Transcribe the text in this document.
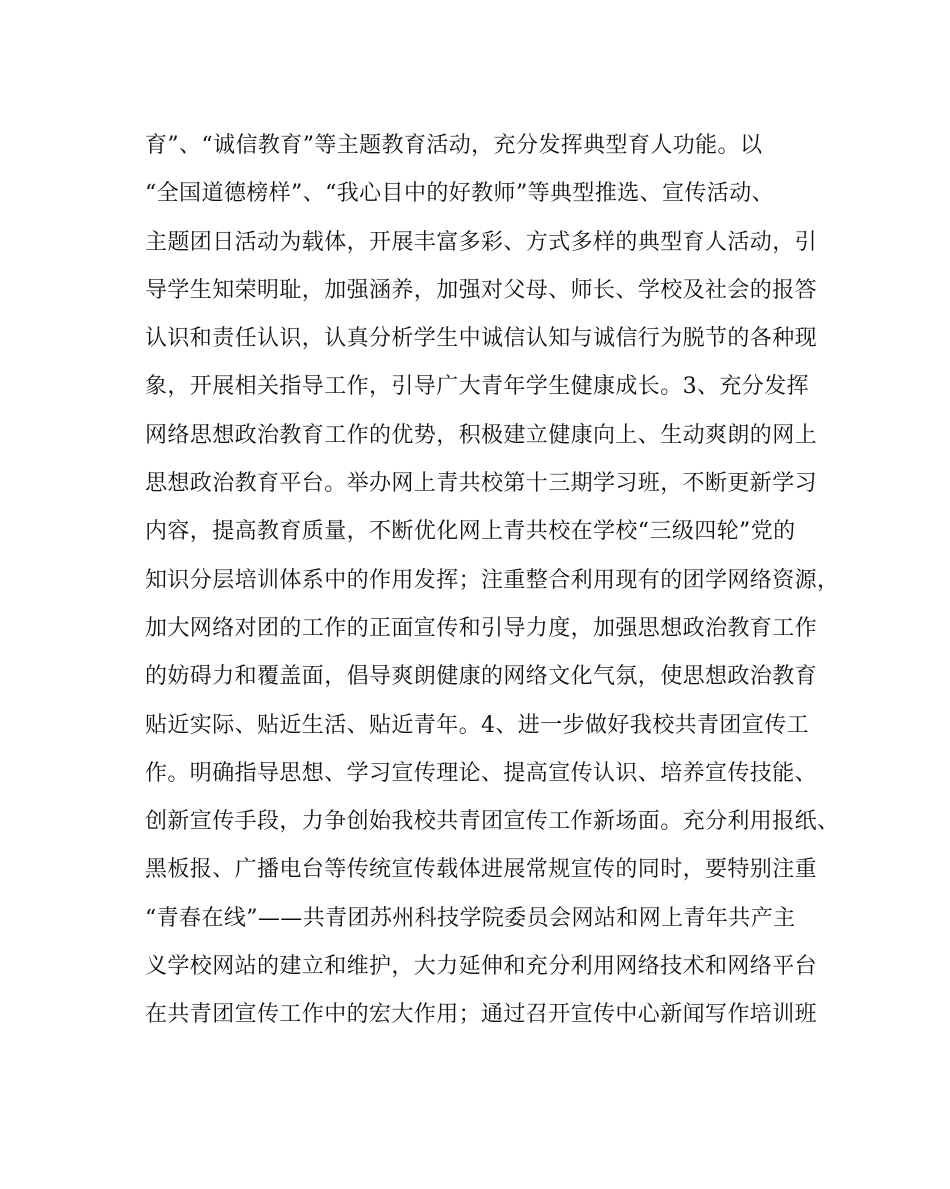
育”、“诚信教育”等主题教育活动，充分发挥典型育人功能。以
“全国道德榜样”、“我心目中的好教师”等典型推选、宣传活动、
主题团日活动为载体，开展丰富多彩、方式多样的典型育人活动，引
导学生知荣明耻，加强涵养，加强对父母、师长、学校及社会的报答
认识和责任认识，认真分析学生中诚信认知与诚信行为脱节的各种现
象，开展相关指导工作，引导广大青年学生健康成长。3、充分发挥
网络思想政治教育工作的优势，积极建立健康向上、生动爽朗的网上
思想政治教育平台。举办网上青共校第十三期学习班，不断更新学习
内容，提高教育质量，不断优化网上青共校在学校“三级四轮”党的
知识分层培训体系中的作用发挥；注重整合利用现有的团学网络资源，
加大网络对团的工作的正面宣传和引导力度，加强思想政治教育工作
的妨碍力和覆盖面，倡导爽朗健康的网络文化气氛，使思想政治教育
贴近实际、贴近生活、贴近青年。4、进一步做好我校共青团宣传工
作。明确指导思想、学习宣传理论、提高宣传认识、培养宣传技能、
创新宣传手段，力争创始我校共青团宣传工作新场面。充分利用报纸、
黑板报、广播电台等传统宣传载体进展常规宣传的同时，要特别注重
“青春在线”——共青团苏州科技学院委员会网站和网上青年共产主
义学校网站的建立和维护，大力延伸和充分利用网络技术和网络平台
在共青团宣传工作中的宏大作用；通过召开宣传中心新闻写作培训班
